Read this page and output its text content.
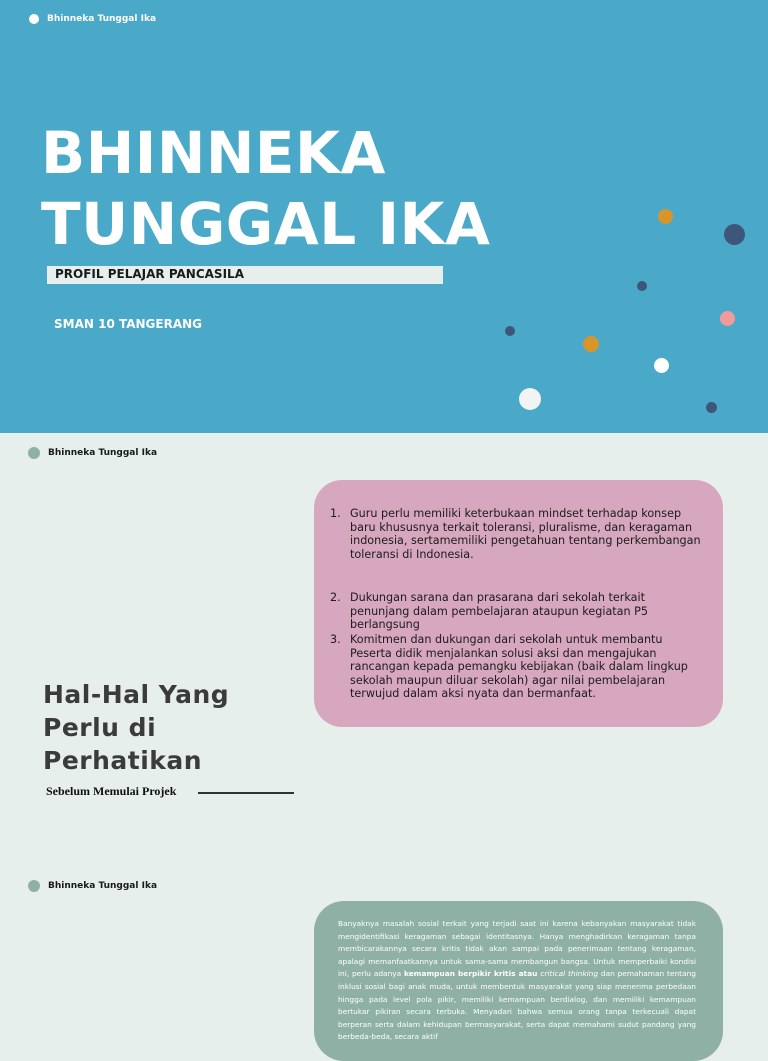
Bhinneka Tunggal Ika
BHINNEKA
TUNGGAL IKA
PROFIL PELAJAR PANCASILA
SMAN 10 TANGERANG
Bhinneka Tunggal Ika
1. Guru perlu memiliki keterbukaan mindset terhadap konsep baru khususnya terkait toleransi, pluralisme, dan keragaman indonesia, sertamemiliki pengetahuan tentang perkembangan toleransi di Indonesia.
2. Dukungan sarana dan prasarana dari sekolah terkait penunjang dalam pembelajaran ataupun kegiatan P5 berlangsung
3. Komitmen dan dukungan dari sekolah untuk membantu Peserta didik menjalankan solusi aksi dan mengajukan rancangan kepada pemangku kebijakan (baik dalam lingkup sekolah maupun diluar sekolah) agar nilai pembelajaran terwujud dalam aksi nyata dan bermanfaat.
Hal-Hal Yang
Perlu di
Perhatikan
Sebelum Memulai Projek
Bhinneka Tunggal Ika

Banyaknya masalah sosial terkait yang terjadi saat ini karena kebanyakan masyarakat tidak mengidentifikasi keragaman sebagai identitasnya. Hanya menghadirkan keragaman tanpa membicarakannya secara kritis tidak akan sampai pada penerimaan tentang keragaman, apalagi memanfaatkannya untuk sama-sama membangun bangsa. Untuk memperbaiki kondisi ini, perlu adanya kemampuan berpikir kritis atau critical thinking dan pemahaman tentang inklusi sosial bagi anak muda, untuk membentuk masyarakat yang siap menerima perbedaan hingga pada level pola pikir, memiliki kemampuan berdialog, dan memiliki kemampuan bertukar pikiran secara terbuka. Menyadari bahwa semua orang tanpa terkecuali dapat berperan serta dalam kehidupan bermasyarakat, serta dapat memahami sudut pandang yang berbeda-beda, secara aktif
